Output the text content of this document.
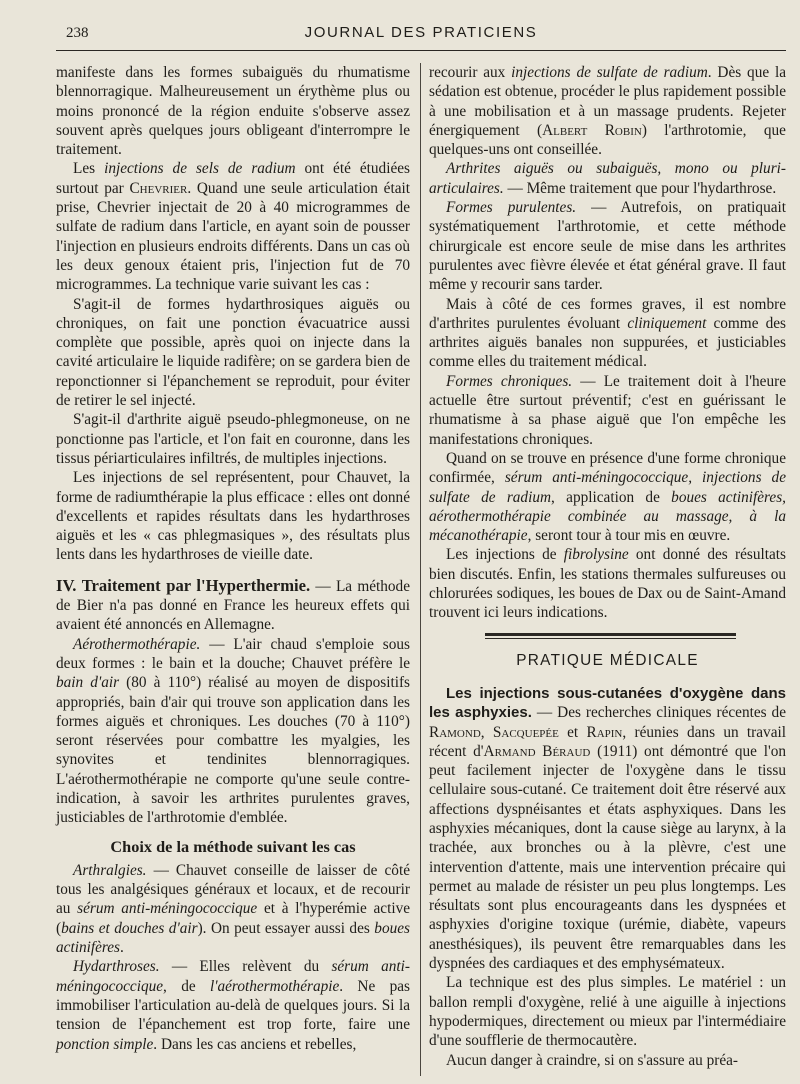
238	JOURNAL DES PRATICIENS

manifeste dans les formes subaiguës du rhumatisme blennorragique. Malheureusement un érythème plus ou moins prononcé de la région enduite s'observe assez souvent après quelques jours obligeant d'interrompre le traitement.

Les injections de sels de radium ont été étudiées surtout par Chevrier. Quand une seule articulation était prise, Chevrier injectait de 20 à 40 microgrammes de sulfate de radium dans l'article, en ayant soin de pousser l'injection en plusieurs endroits différents. Dans un cas où les deux genoux étaient pris, l'injection fut de 70 microgrammes. La technique varie suivant les cas :

S'agit-il de formes hydarthrosiques aiguës ou chroniques, on fait une ponction évacuatrice aussi complète que possible, après quoi on injecte dans la cavité articulaire le liquide radifère; on se gardera bien de reponctionner si l'épanchement se reproduit, pour éviter de retirer le sel injecté.

S'agit-il d'arthrite aiguë pseudo-phlegmoneuse, on ne ponctionne pas l'article, et l'on fait en couronne, dans les tissus périarticulaires infiltrés, de multiples injections.

Les injections de sel représentent, pour Chauvet, la forme de radiumthérapie la plus efficace : elles ont donné d'excellents et rapides résultats dans les hydarthroses aiguës et les « cas phlegmasiques », des résultats plus lents dans les hydarthroses de vieille date.

IV. Traitement par l'Hyperthermie. — La méthode de Bier n'a pas donné en France les heureux effets qui avaient été annoncés en Allemagne.

Aérothermothérapie. — L'air chaud s'emploie sous deux formes : le bain et la douche; Chauvet préfère le bain d'air (80 à 110°) réalisé au moyen de dispositifs appropriés, bain d'air qui trouve son application dans les formes aiguës et chroniques. Les douches (70 à 110°) seront réservées pour combattre les myalgies, les synovites et tendinites blennorragiques. L'aérothermothérapie ne comporte qu'une seule contre-indication, à savoir les arthrites purulentes graves, justiciables de l'arthrotomie d'emblée.

Choix de la méthode suivant les cas

Arthralgies. — Chauvet conseille de laisser de côté tous les analgésiques généraux et locaux, et de recourir au sérum anti-méningococcique et à l'hyperémie active (bains et douches d'air). On peut essayer aussi des boues actinifères.

Hydarthroses. — Elles relèvent du sérum anti-méningococcique, de l'aérothermothérapie. Ne pas immobiliser l'articulation au-delà de quelques jours. Si la tension de l'épanchement est trop forte, faire une ponction simple. Dans les cas anciens et rebelles,

recourir aux injections de sulfate de radium. Dès que la sédation est obtenue, procéder le plus rapidement possible à une mobilisation et à un massage prudents. Rejeter énergiquement (Albert Robin) l'arthrotomie, que quelques-uns ont conseillée.

Arthrites aiguës ou subaiguës, mono ou pluri-articulaires. — Même traitement que pour l'hydarthrose.

Formes purulentes. — Autrefois, on pratiquait systématiquement l'arthrotomie, et cette méthode chirurgicale est encore seule de mise dans les arthrites purulentes avec fièvre élevée et état général grave. Il faut même y recourir sans tarder.

Mais à côté de ces formes graves, il est nombre d'arthrites purulentes évoluant cliniquement comme des arthrites aiguës banales non suppurées, et justiciables comme elles du traitement médical.

Formes chroniques. — Le traitement doit à l'heure actuelle être surtout préventif; c'est en guérissant le rhumatisme à sa phase aiguë que l'on empêche les manifestations chroniques.

Quand on se trouve en présence d'une forme chronique confirmée, sérum anti-méningococcique, injections de sulfate de radium, application de boues actinifères, aérothermothérapie combinée au massage, à la mécanothérapie, seront tour à tour mis en œuvre.

Les injections de fibrolysine ont donné des résultats bien discutés. Enfin, les stations thermales sulfureuses ou chlorurées sodiques, les boues de Dax ou de Saint-Amand trouvent ici leurs indications.

PRATIQUE MÉDICALE

Les injections sous-cutanées d'oxygène dans les asphyxies. — Des recherches cliniques récentes de Ramond, Sacquepée et Rapin, réunies dans un travail récent d'Armand Béraud (1911) ont démontré que l'on peut facilement injecter de l'oxygène dans le tissu cellulaire sous-cutané. Ce traitement doit être réservé aux affections dyspnéisantes et états asphyxiques. Dans les asphyxies mécaniques, dont la cause siège au larynx, à la trachée, aux bronches ou à la plèvre, c'est une intervention d'attente, mais une intervention précaire qui permet au malade de résister un peu plus longtemps. Les résultats sont plus encourageants dans les dyspnées et asphyxies d'origine toxique (urémie, diabète, vapeurs anesthésiques), ils peuvent être remarquables dans les dyspnées des cardiaques et des emphysémateux.

La technique est des plus simples. Le matériel : un ballon rempli d'oxygène, relié à une aiguille à injections hypodermiques, directement ou mieux par l'intermédiaire d'une soufflerie de thermocautère.

Aucun danger à craindre, si on s'assure au préa-
